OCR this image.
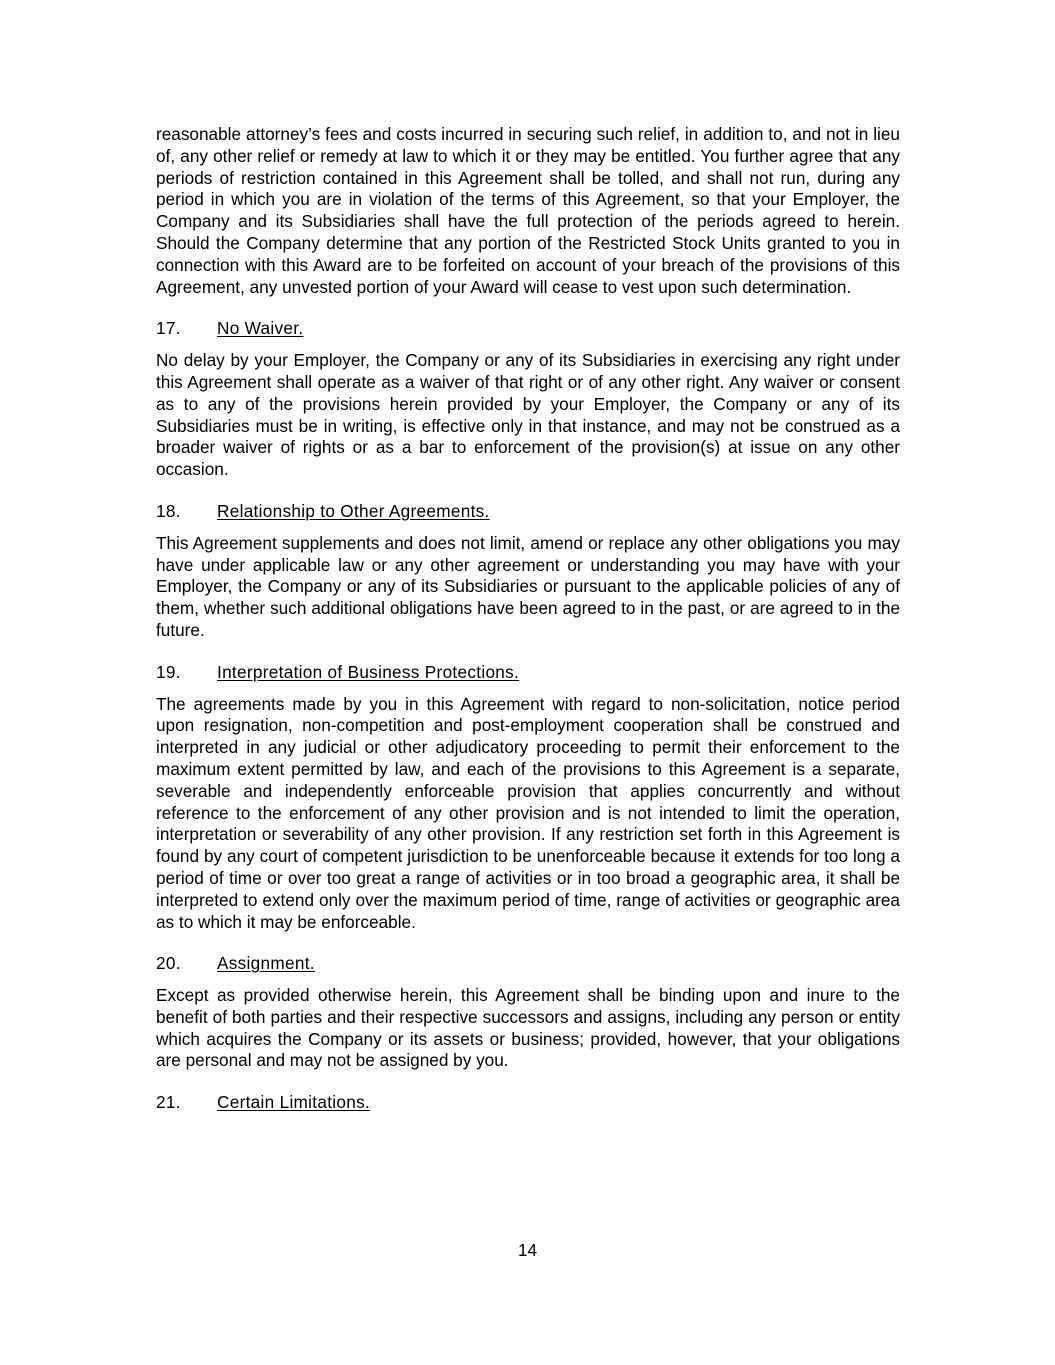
reasonable attorney’s fees and costs incurred in securing such relief, in addition to, and not in lieu of, any other relief or remedy at law to which it or they may be entitled. You further agree that any periods of restriction contained in this Agreement shall be tolled, and shall not run, during any period in which you are in violation of the terms of this Agreement, so that your Employer, the Company and its Subsidiaries shall have the full protection of the periods agreed to herein. Should the Company determine that any portion of the Restricted Stock Units granted to you in connection with this Award are to be forfeited on account of your breach of the provisions of this Agreement, any unvested portion of your Award will cease to vest upon such determination.

17.	No Waiver.

No delay by your Employer, the Company or any of its Subsidiaries in exercising any right under this Agreement shall operate as a waiver of that right or of any other right. Any waiver or consent as to any of the provisions herein provided by your Employer, the Company or any of its Subsidiaries must be in writing, is effective only in that instance, and may not be construed as a broader waiver of rights or as a bar to enforcement of the provision(s) at issue on any other occasion.

18.	Relationship to Other Agreements.

This Agreement supplements and does not limit, amend or replace any other obligations you may have under applicable law or any other agreement or understanding you may have with your Employer, the Company or any of its Subsidiaries or pursuant to the applicable policies of any of them, whether such additional obligations have been agreed to in the past, or are agreed to in the future.

19.	Interpretation of Business Protections.

The agreements made by you in this Agreement with regard to non-solicitation, notice period upon resignation, non-competition and post-employment cooperation shall be construed and interpreted in any judicial or other adjudicatory proceeding to permit their enforcement to the maximum extent permitted by law, and each of the provisions to this Agreement is a separate, severable and independently enforceable provision that applies concurrently and without reference to the enforcement of any other provision and is not intended to limit the operation, interpretation or severability of any other provision. If any restriction set forth in this Agreement is found by any court of competent jurisdiction to be unenforceable because it extends for too long a period of time or over too great a range of activities or in too broad a geographic area, it shall be interpreted to extend only over the maximum period of time, range of activities or geographic area as to which it may be enforceable.

20.	Assignment.

Except as provided otherwise herein, this Agreement shall be binding upon and inure to the benefit of both parties and their respective successors and assigns, including any person or entity which acquires the Company or its assets or business; provided, however, that your obligations are personal and may not be assigned by you.

21.	Certain Limitations.
14
